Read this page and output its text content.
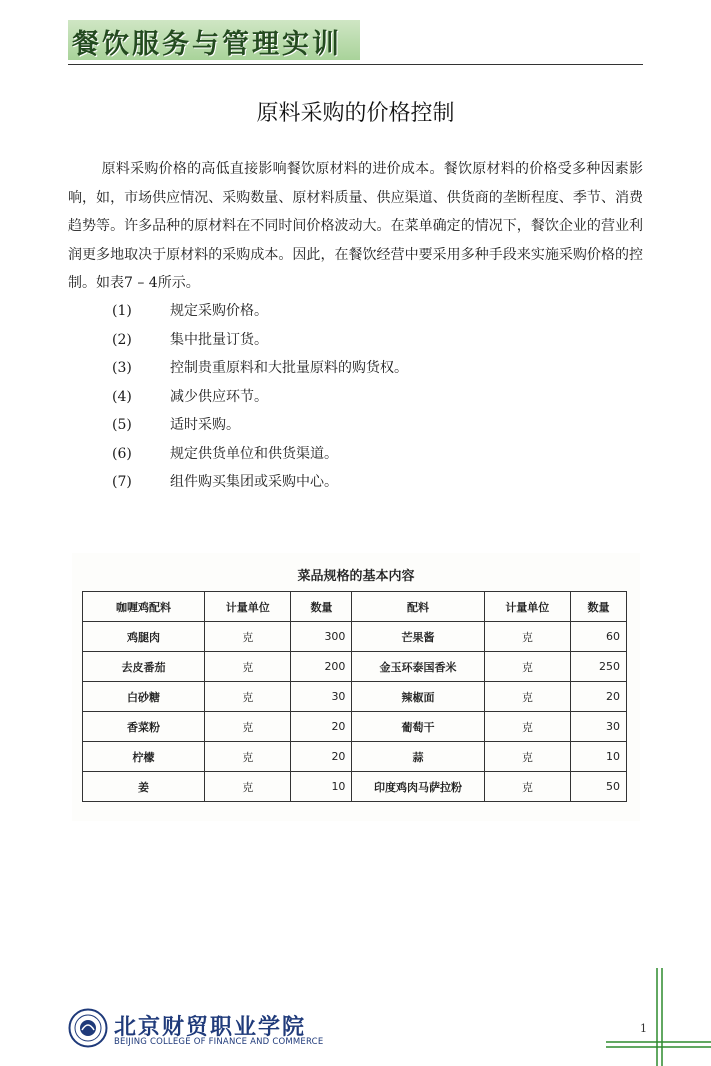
餐饮服务与管理实训
原料采购的价格控制
原料采购价格的高低直接影响餐饮原材料的进价成本。餐饮原材料的价格受多种因素影响，如，市场供应情况、采购数量、原材料质量、供应渠道、供货商的垄断程度、季节、消费趋势等。许多品种的原材料在不同时间价格波动大。在菜单确定的情况下，餐饮企业的营业利润更多地取决于原材料的采购成本。因此，在餐饮经营中要采用多种手段来实施采购价格的控制。如表7 – 4所示。
(1)	规定采购价格。
(2)	集中批量订货。
(3)	控制贵重原料和大批量原料的购货权。
(4)	减少供应环节。
(5)	适时采购。
(6)	规定供货单位和供货渠道。
(7)	组件购买集团或采购中心。
菜品规格的基本内容
咖喱鸡配料	计量单位	数量	配料	计量单位	数量
鸡腿肉	克	300	芒果酱	克	60
去皮番茄	克	200	金玉环泰国香米	克	250
白砂糖	克	30	辣椒面	克	20
香菜粉	克	20	葡萄干	克	30
柠檬	克	20	蒜	克	10
姜	克	10	印度鸡肉马萨拉粉	克	50
北京财贸职业学院
BEIJING COLLEGE OF FINANCE AND COMMERCE
1
